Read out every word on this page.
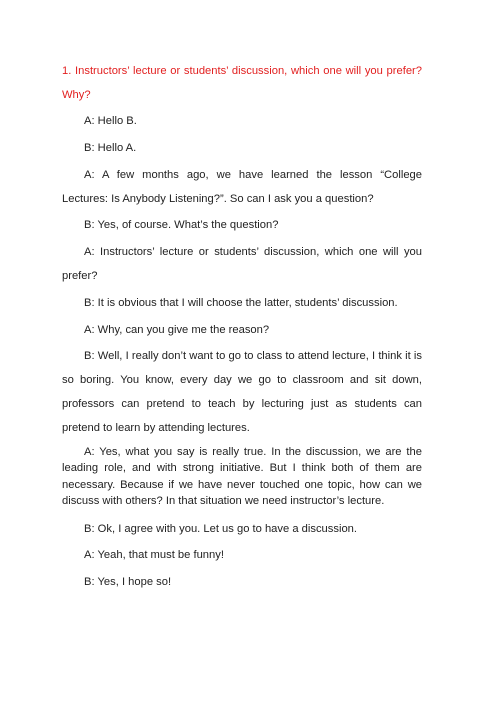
1. Instructors’ lecture or students’ discussion, which one will you prefer? Why?

A: Hello B.

B: Hello A.

A: A few months ago, we have learned the lesson “College Lectures: Is Anybody Listening?”. So can I ask you a question?

B: Yes, of course. What’s the question?

A: Instructors’ lecture or students’ discussion, which one will you prefer?

B: It is obvious that I will choose the latter, students’ discussion.

A: Why, can you give me the reason?

B: Well, I really don’t want to go to class to attend lecture, I think it is so boring. You know, every day we go to classroom and sit down, professors can pretend to teach by lecturing just as students can pretend to learn by attending lectures.

A: Yes, what you say is really true. In the discussion, we are the leading role, and with strong initiative. But I think both of them are necessary. Because if we have never touched one topic, how can we discuss with others? In that situation we need instructor’s lecture.

B: Ok, I agree with you. Let us go to have a discussion.

A: Yeah, that must be funny!

B: Yes, I hope so!
